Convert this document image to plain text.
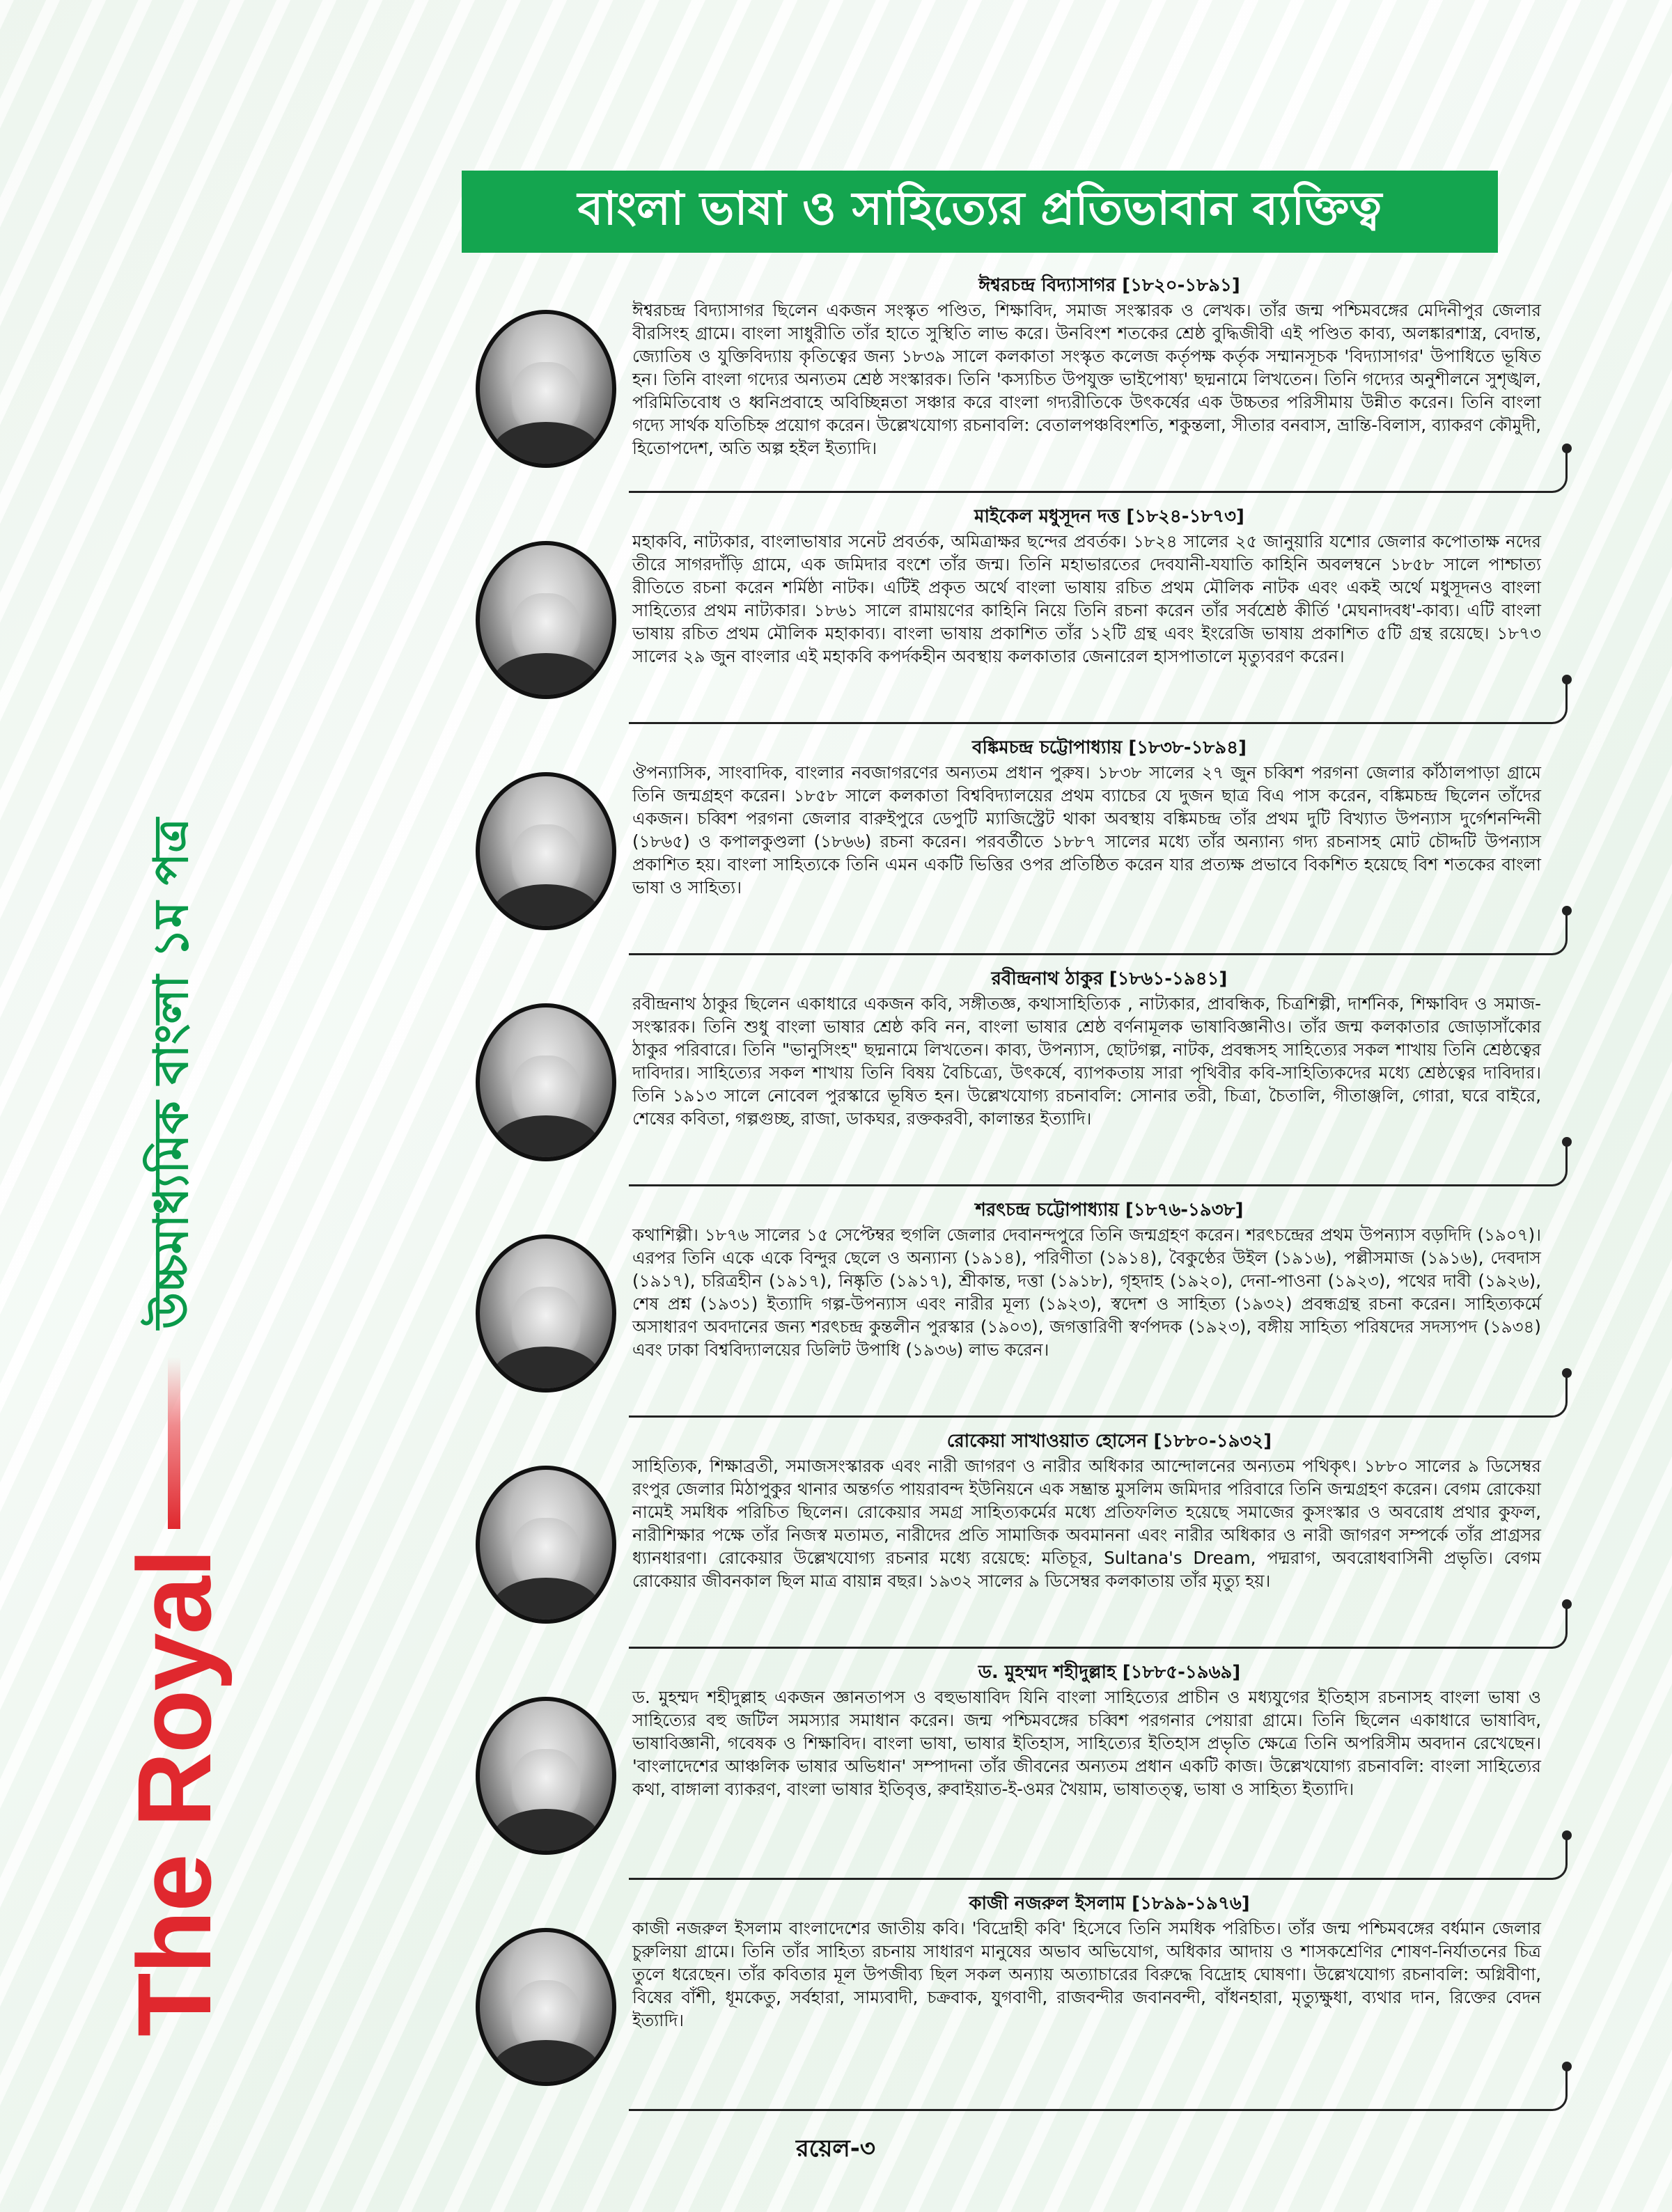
The Royal
উচ্চমাধ্যমিক বাংলা ১ম পত্র
বাংলা ভাষা ও সাহিত্যের প্রতিভাবান ব্যক্তিত্ব
ঈশ্বরচন্দ্র বিদ্যাসাগর [১৮২০-১৮৯১]
ঈশ্বরচন্দ্র বিদ্যাসাগর ছিলেন একজন সংস্কৃত পণ্ডিত, শিক্ষাবিদ, সমাজ সংস্কারক ও লেখক। তাঁর জন্ম পশ্চিমবঙ্গের মেদিনীপুর জেলার বীরসিংহ গ্রামে। বাংলা সাধুরীতি তাঁর হাতে সুস্থিতি লাভ করে। উনবিংশ শতকের শ্রেষ্ঠ বুদ্ধিজীবী এই পণ্ডিত কাব্য, অলঙ্কারশাস্ত্র, বেদান্ত, জ্যোতিষ ও যুক্তিবিদ্যায় কৃতিত্বের জন্য ১৮৩৯ সালে কলকাতা সংস্কৃত কলেজ কর্তৃপক্ষ কর্তৃক সম্মানসূচক 'বিদ্যাসাগর' উপাধিতে ভূষিত হন। তিনি বাংলা গদ্যের অন্যতম শ্রেষ্ঠ সংস্কারক। তিনি 'কস্যচিত উপযুক্ত ভাইপোষ্য' ছদ্মনামে লিখতেন। তিনি গদ্যের অনুশীলনে সুশৃঙ্খল, পরিমিতিবোধ ও ধ্বনিপ্রবাহে অবিচ্ছিন্নতা সঞ্চার করে বাংলা গদ্যরীতিকে উৎকর্ষের এক উচ্চতর পরিসীমায় উন্নীত করেন। তিনি বাংলা গদ্যে সার্থক যতিচিহ্ন প্রয়োগ করেন। উল্লেখযোগ্য রচনাবলি: বেতালপঞ্চবিংশতি, শকুন্তলা, সীতার বনবাস, ভ্রান্তি-বিলাস, ব্যাকরণ কৌমুদী, হিতোপদেশ, অতি অল্প হইল ইত্যাদি।
মাইকেল মধুসূদন দত্ত [১৮২৪-১৮৭৩]
মহাকবি, নাট্যকার, বাংলাভাষার সনেট প্রবর্তক, অমিত্রাক্ষর ছন্দের প্রবর্তক। ১৮২৪ সালের ২৫ জানুয়ারি যশোর জেলার কপোতাক্ষ নদের তীরে সাগরদাঁড়ি গ্রামে, এক জমিদার বংশে তাঁর জন্ম। তিনি মহাভারতের দেবযানী-যযাতি কাহিনি অবলম্বনে ১৮৫৮ সালে পাশ্চাত্য রীতিতে রচনা করেন শর্মিষ্ঠা নাটক। এটিই প্রকৃত অর্থে বাংলা ভাষায় রচিত প্রথম মৌলিক নাটক এবং একই অর্থে মধুসূদনও বাংলা সাহিত্যের প্রথম নাট্যকার। ১৮৬১ সালে রামায়ণের কাহিনি নিয়ে তিনি রচনা করেন তাঁর সর্বশ্রেষ্ঠ কীর্তি 'মেঘনাদবধ'-কাব্য। এটি বাংলা ভাষায় রচিত প্রথম মৌলিক মহাকাব্য। বাংলা ভাষায় প্রকাশিত তাঁর ১২টি গ্রন্থ এবং ইংরেজি ভাষায় প্রকাশিত ৫টি গ্রন্থ রয়েছে। ১৮৭৩ সালের ২৯ জুন বাংলার এই মহাকবি কপর্দকহীন অবস্থায় কলকাতার জেনারেল হাসপাতালে মৃত্যুবরণ করেন।
বঙ্কিমচন্দ্র চট্টোপাধ্যায় [১৮৩৮-১৮৯৪]
ঔপন্যাসিক, সাংবাদিক, বাংলার নবজাগরণের অন্যতম প্রধান পুরুষ। ১৮৩৮ সালের ২৭ জুন চব্বিশ পরগনা জেলার কাঁঠালপাড়া গ্রামে তিনি জন্মগ্রহণ করেন। ১৮৫৮ সালে কলকাতা বিশ্ববিদ্যালয়ের প্রথম ব্যাচের যে দুজন ছাত্র বিএ পাস করেন, বঙ্কিমচন্দ্র ছিলেন তাঁদের একজন। চব্বিশ পরগনা জেলার বারুইপুরে ডেপুটি ম্যাজিস্ট্রেট থাকা অবস্থায় বঙ্কিমচন্দ্র তাঁর প্রথম দুটি বিখ্যাত উপন্যাস দুর্গেশনন্দিনী (১৮৬৫) ও কপালকুণ্ডলা (১৮৬৬) রচনা করেন। পরবর্তীতে ১৮৮৭ সালের মধ্যে তাঁর অন্যান্য গদ্য রচনাসহ মোট চৌদ্দটি উপন্যাস প্রকাশিত হয়। বাংলা সাহিত্যকে তিনি এমন একটি ভিত্তির ওপর প্রতিষ্ঠিত করেন যার প্রত্যক্ষ প্রভাবে বিকশিত হয়েছে বিশ শতকের বাংলা ভাষা ও সাহিত্য।
রবীন্দ্রনাথ ঠাকুর [১৮৬১-১৯৪১]
রবীন্দ্রনাথ ঠাকুর ছিলেন একাধারে একজন কবি, সঙ্গীতজ্ঞ, কথাসাহিত্যিক , নাট্যকার, প্রাবন্ধিক, চিত্রশিল্পী, দার্শনিক, শিক্ষাবিদ ও সমাজ-সংস্কারক। তিনি শুধু বাংলা ভাষার শ্রেষ্ঠ কবি নন, বাংলা ভাষার শ্রেষ্ঠ বর্ণনামূলক ভাষাবিজ্ঞানীও। তাঁর জন্ম কলকাতার জোড়াসাঁকোর ঠাকুর পরিবারে। তিনি "ভানুসিংহ" ছদ্মনামে লিখতেন। কাব্য, উপন্যাস, ছোটগল্প, নাটক, প্রবন্ধসহ সাহিত্যের সকল শাখায় তিনি শ্রেষ্ঠত্বের দাবিদার। সাহিত্যের সকল শাখায় তিনি বিষয় বৈচিত্র্যে, উৎকর্ষে, ব্যাপকতায় সারা পৃথিবীর কবি-সাহিত্যিকদের মধ্যে শ্রেষ্ঠত্বের দাবিদার। তিনি ১৯১৩ সালে নোবেল পুরস্কারে ভূষিত হন। উল্লেখযোগ্য রচনাবলি: সোনার তরী, চিত্রা, চৈতালি, গীতাঞ্জলি, গোরা, ঘরে বাইরে, শেষের কবিতা, গল্পগুচ্ছ, রাজা, ডাকঘর, রক্তকরবী, কালান্তর ইত্যাদি।
শরৎচন্দ্র চট্টোপাধ্যায় [১৮৭৬-১৯৩৮]
কথাশিল্পী। ১৮৭৬ সালের ১৫ সেপ্টেম্বর হুগলি জেলার দেবানন্দপুরে তিনি জন্মগ্রহণ করেন। শরৎচন্দ্রের প্রথম উপন্যাস বড়দিদি (১৯০৭)। এরপর তিনি একে একে বিন্দুর ছেলে ও অন্যান্য (১৯১৪), পরিণীতা (১৯১৪), বৈকুণ্ঠের উইল (১৯১৬), পল্লীসমাজ (১৯১৬), দেবদাস (১৯১৭), চরিত্রহীন (১৯১৭), নিষ্কৃতি (১৯১৭), শ্রীকান্ত, দত্তা (১৯১৮), গৃহদাহ (১৯২০), দেনা-পাওনা (১৯২৩), পথের দাবী (১৯২৬), শেষ প্রশ্ন (১৯৩১) ইত্যাদি গল্প-উপন্যাস এবং নারীর মূল্য (১৯২৩), স্বদেশ ও সাহিত্য (১৯৩২) প্রবন্ধগ্রন্থ রচনা করেন। সাহিত্যকর্মে অসাধারণ অবদানের জন্য শরৎচন্দ্র কুন্তলীন পুরস্কার (১৯০৩), জগত্তারিণী স্বর্ণপদক (১৯২৩), বঙ্গীয় সাহিত্য পরিষদের সদস্যপদ (১৯৩৪) এবং ঢাকা বিশ্ববিদ্যালয়ের ডিলিট উপাধি (১৯৩৬) লাভ করেন।
রোকেয়া সাখাওয়াত হোসেন [১৮৮০-১৯৩২]
সাহিত্যিক, শিক্ষাব্রতী, সমাজসংস্কারক এবং নারী জাগরণ ও নারীর অধিকার আন্দোলনের অন্যতম পথিকৃৎ। ১৮৮০ সালের ৯ ডিসেম্বর রংপুর জেলার মিঠাপুকুর থানার অন্তর্গত পায়রাবন্দ ইউনিয়নে এক সম্ভ্রান্ত মুসলিম জমিদার পরিবারে তিনি জন্মগ্রহণ করেন। বেগম রোকেয়া নামেই সমধিক পরিচিত ছিলেন। রোকেয়ার সমগ্র সাহিত্যকর্মের মধ্যে প্রতিফলিত হয়েছে সমাজের কুসংস্কার ও অবরোধ প্রথার কুফল, নারীশিক্ষার পক্ষে তাঁর নিজস্ব মতামত, নারীদের প্রতি সামাজিক অবমাননা এবং নারীর অধিকার ও নারী জাগরণ সম্পর্কে তাঁর প্রাগ্রসর ধ্যানধারণা। রোকেয়ার উল্লেখযোগ্য রচনার মধ্যে রয়েছে: মতিচূর, Sultana's Dream, পদ্মরাগ, অবরোধবাসিনী প্রভৃতি। বেগম রোকেয়ার জীবনকাল ছিল মাত্র বায়ান্ন বছর। ১৯৩২ সালের ৯ ডিসেম্বর কলকাতায় তাঁর মৃত্যু হয়।
ড. মুহম্মদ শহীদুল্লাহ [১৮৮৫-১৯৬৯]
ড. মুহম্মদ শহীদুল্লাহ একজন জ্ঞানতাপস ও বহুভাষাবিদ যিনি বাংলা সাহিত্যের প্রাচীন ও মধ্যযুগের ইতিহাস রচনাসহ বাংলা ভাষা ও সাহিত্যের বহু জটিল সমস্যার সমাধান করেন। জন্ম পশ্চিমবঙ্গের চব্বিশ পরগনার পেয়ারা গ্রামে। তিনি ছিলেন একাধারে ভাষাবিদ, ভাষাবিজ্ঞানী, গবেষক ও শিক্ষাবিদ। বাংলা ভাষা, ভাষার ইতিহাস, সাহিত্যের ইতিহাস প্রভৃতি ক্ষেত্রে তিনি অপরিসীম অবদান রেখেছেন। 'বাংলাদেশের আঞ্চলিক ভাষার অভিধান' সম্পাদনা তাঁর জীবনের অন্যতম প্রধান একটি কাজ। উল্লেখযোগ্য রচনাবলি: বাংলা সাহিত্যের কথা, বাঙ্গালা ব্যাকরণ, বাংলা ভাষার ইতিবৃত্ত, রুবাইয়াত-ই-ওমর খৈয়াম, ভাষাতত্ত্ব, ভাষা ও সাহিত্য ইত্যাদি।
কাজী নজরুল ইসলাম [১৮৯৯-১৯৭৬]
কাজী নজরুল ইসলাম বাংলাদেশের জাতীয় কবি। 'বিদ্রোহী কবি' হিসেবে তিনি সমধিক পরিচিত। তাঁর জন্ম পশ্চিমবঙ্গের বর্ধমান জেলার চুরুলিয়া গ্রামে। তিনি তাঁর সাহিত্য রচনায় সাধারণ মানুষের অভাব অভিযোগ, অধিকার আদায় ও শাসকশ্রেণির শোষণ-নির্যাতনের চিত্র তুলে ধরেছেন। তাঁর কবিতার মূল উপজীব্য ছিল সকল অন্যায় অত্যাচারের বিরুদ্ধে বিদ্রোহ ঘোষণা। উল্লেখযোগ্য রচনাবলি: অগ্নিবীণা, বিষের বাঁশী, ধূমকেতু, সর্বহারা, সাম্যবাদী, চক্রবাক, যুগবাণী, রাজবন্দীর জবানবন্দী, বাঁধনহারা, মৃত্যুক্ষুধা, ব্যথার দান, রিক্তের বেদন ইত্যাদি।
রয়েল-৩
